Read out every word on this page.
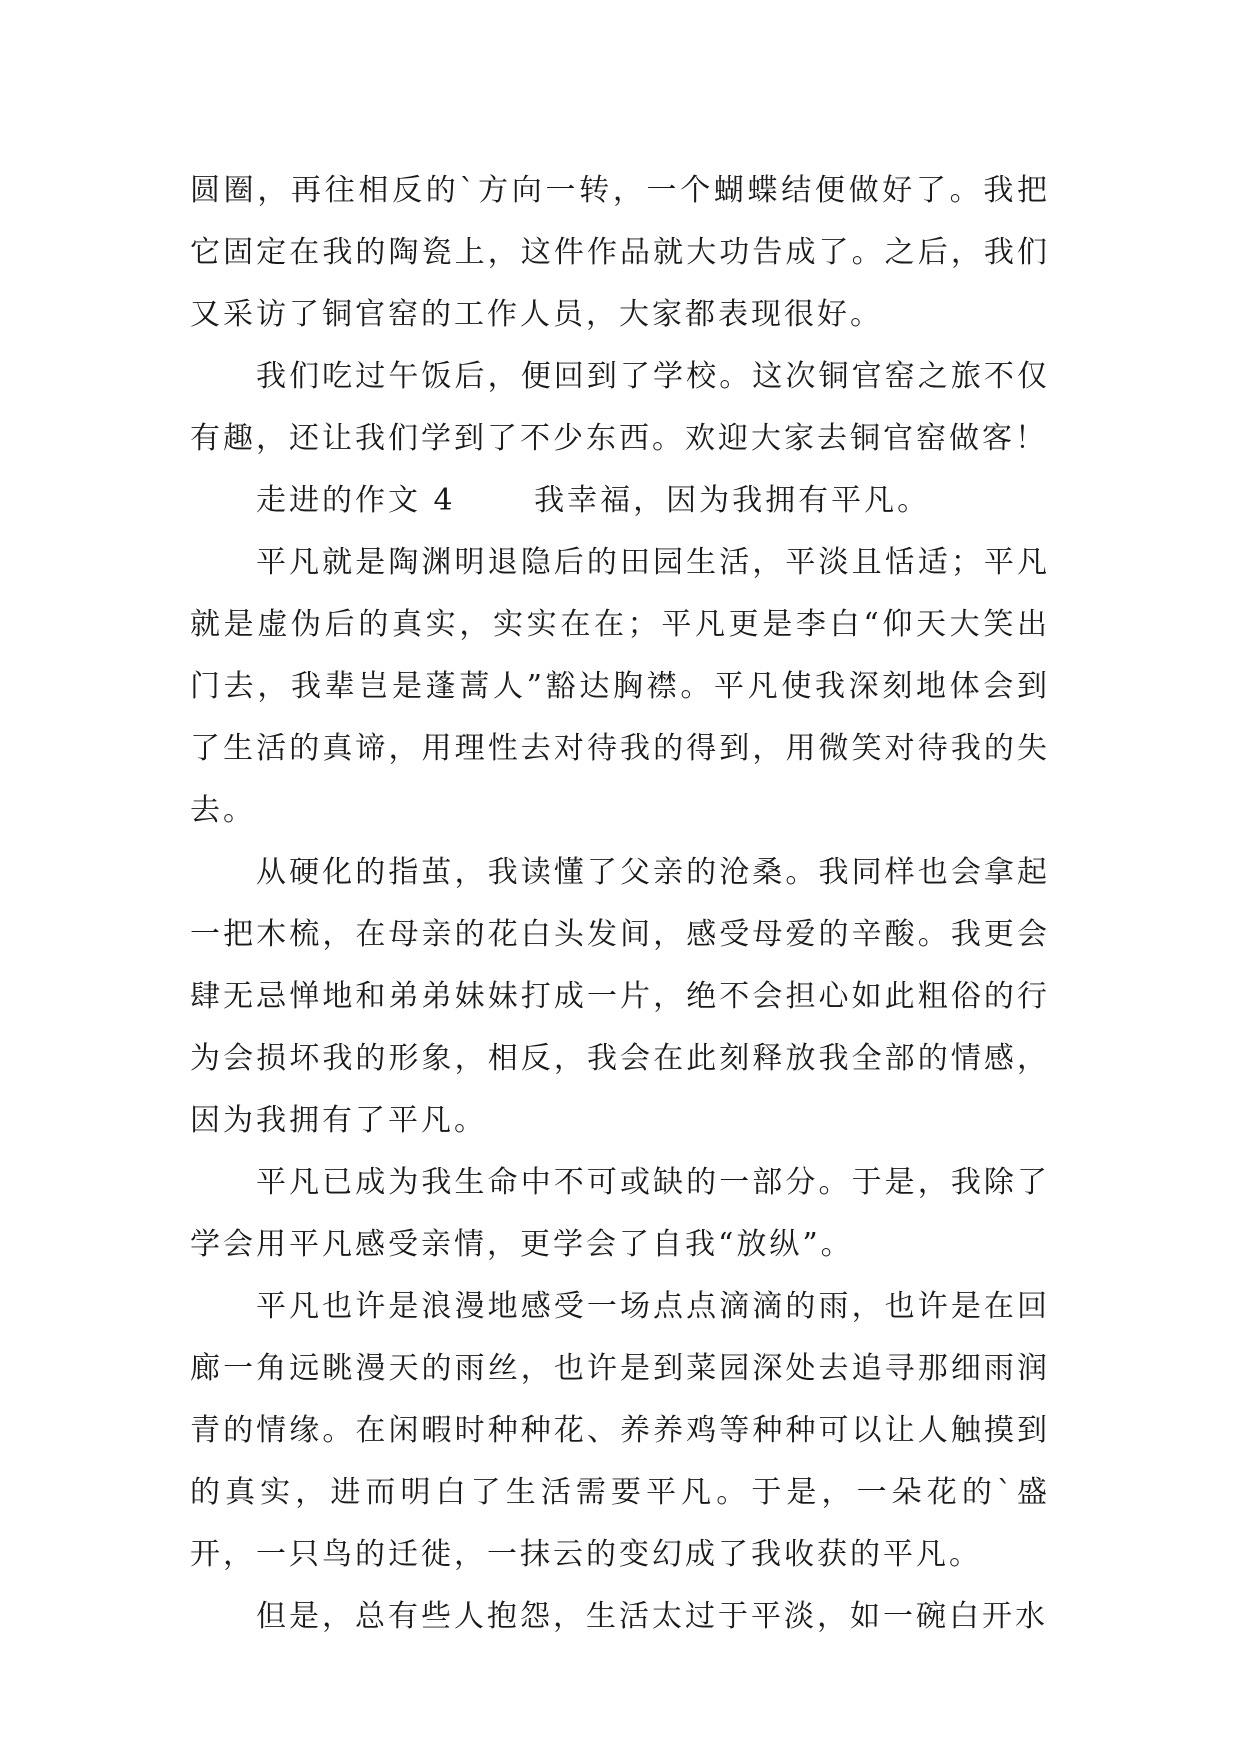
圆圈，再往相反的`方向一转，一个蝴蝶结便做好了。我把它固定在我的陶瓷上，这件作品就大功告成了。之后，我们又采访了铜官窑的工作人员，大家都表现很好。

我们吃过午饭后，便回到了学校。这次铜官窑之旅不仅有趣，还让我们学到了不少东西。欢迎大家去铜官窑做客！

走进的作文 4　　 我幸福，因为我拥有平凡。

平凡就是陶渊明退隐后的田园生活，平淡且恬适；平凡就是虚伪后的真实，实实在在；平凡更是李白“仰天大笑出门去，我辈岂是蓬蒿人”豁达胸襟。平凡使我深刻地体会到了生活的真谛，用理性去对待我的得到，用微笑对待我的失去。

从硬化的指茧，我读懂了父亲的沧桑。我同样也会拿起一把木梳，在母亲的花白头发间，感受母爱的辛酸。我更会肆无忌惮地和弟弟妹妹打成一片，绝不会担心如此粗俗的行为会损坏我的形象，相反，我会在此刻释放我全部的情感，因为我拥有了平凡。

平凡已成为我生命中不可或缺的一部分。于是，我除了学会用平凡感受亲情，更学会了自我“放纵”。

平凡也许是浪漫地感受一场点点滴滴的雨，也许是在回廊一角远眺漫天的雨丝，也许是到菜园深处去追寻那细雨润青的情缘。在闲暇时种种花、养养鸡等种种可以让人触摸到的真实，进而明白了生活需要平凡。于是，一朵花的`盛开，一只鸟的迁徙，一抹云的变幻成了我收获的平凡。

但是，总有些人抱怨，生活太过于平淡，如一碗白开水
